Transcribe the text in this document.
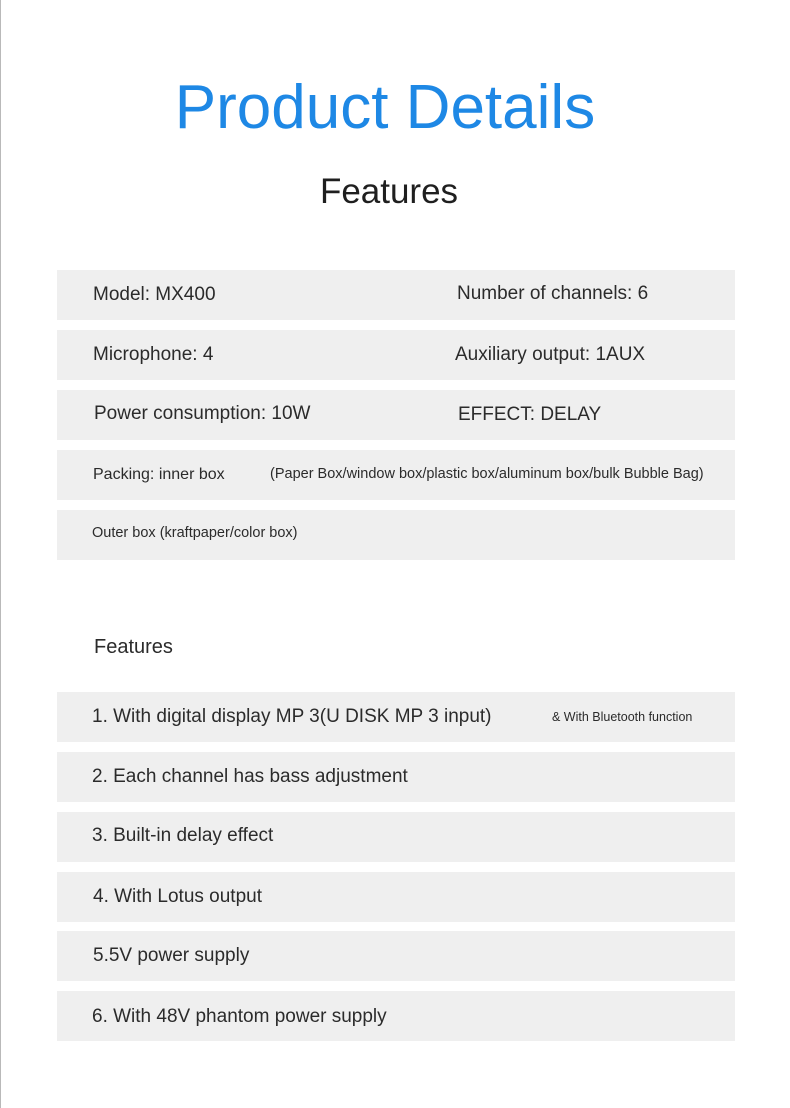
Product Details
Features
Model: MX400	Number of channels: 6
Microphone: 4	Auxiliary output: 1AUX
Power consumption: 10W	EFFECT: DELAY
Packing: inner box	(Paper Box/window box/plastic box/aluminum box/bulk Bubble Bag)
Outer box (kraftpaper/color box)
Features
1. With digital display MP 3(U DISK MP 3 input)	& With Bluetooth function
2. Each channel has bass adjustment
3. Built-in delay effect
4. With Lotus output
5.5V power supply
6. With 48V phantom power supply
